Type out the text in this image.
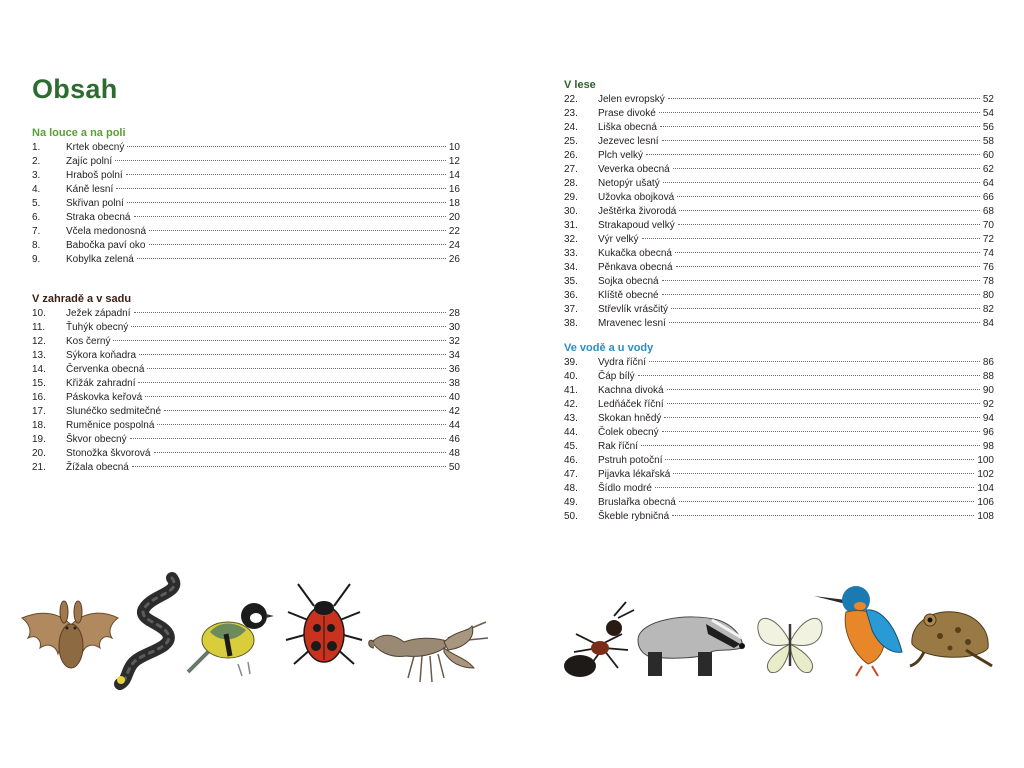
Obsah
Na louce a na poli
1.	Krtek obecný	10
2.	Zajíc polní	12
3.	Hraboš polní	14
4.	Káně lesní	16
5.	Skřivan polní	18
6.	Straka obecná	20
7.	Včela medonosná	22
8.	Babočka paví oko	24
9.	Kobylka zelená	26
V zahradě a v sadu
10.	Ježek západní	28
11.	Ťuhýk obecný	30
12.	Kos černý	32
13.	Sýkora koňadra	34
14.	Červenka obecná	36
15.	Křižák zahradní	38
16.	Páskovka keřová	40
17.	Slunéčko sedmitečné	42
18.	Ruměnice pospolná	44
19.	Škvor obecný	46
20.	Stonožka škvorová	48
21.	Žížala obecná	50
V lese
22.	Jelen evropský	52
23.	Prase divoké	54
24.	Liška obecná	56
25.	Jezevec lesní	58
26.	Plch velký	60
27.	Veverka obecná	62
28.	Netopýr ušatý	64
29.	Užovka obojková	66
30.	Ještěrka živorodá	68
31.	Strakapoud velký	70
32.	Výr velký	72
33.	Kukačka obecná	74
34.	Pěnkava obecná	76
35.	Sojka obecná	78
36.	Klíště obecné	80
37.	Střevlík vrásčitý	82
38.	Mravenec lesní	84
Ve vodě a u vody
39.	Vydra říční	86
40.	Čáp bílý	88
41.	Kachna divoká	90
42.	Ledňáček říční	92
43.	Skokan hnědý	94
44.	Čolek obecný	96
45.	Rak říční	98
46.	Pstruh potoční	100
47.	Pijavka lékařská	102
48.	Šídlo modré	104
49.	Bruslařka obecná	106
50.	Škeble rybničná	108
